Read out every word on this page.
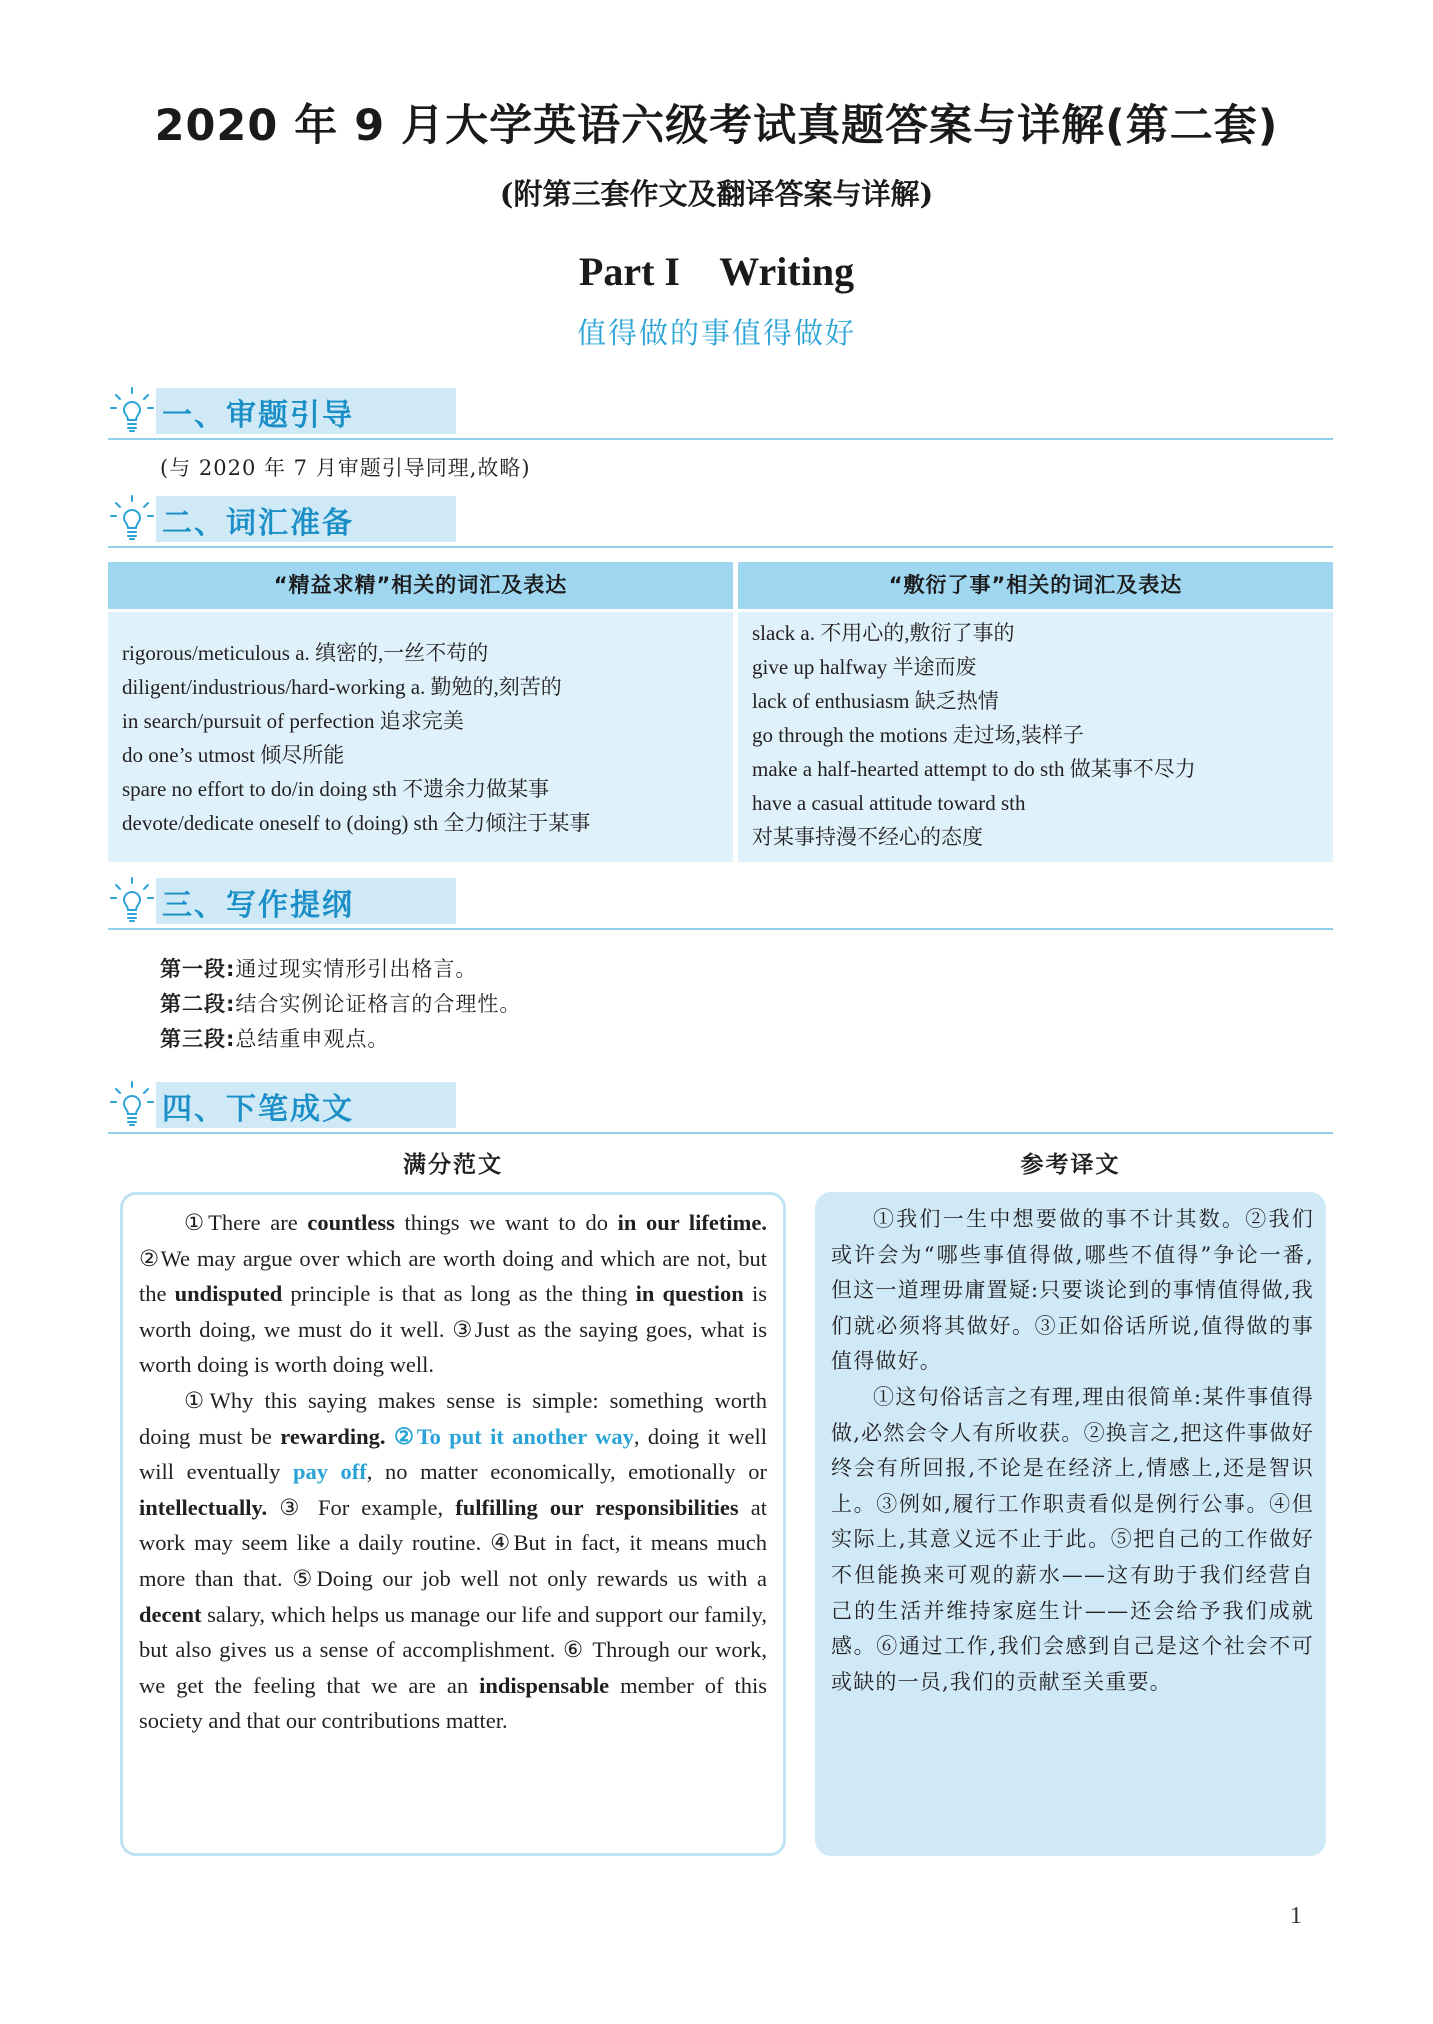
2020 年 9 月大学英语六级考试真题答案与详解(第二套)
(附第三套作文及翻译答案与详解)
Part I    Writing
值得做的事值得做好
一、审题引导
(与 2020 年 7 月审题引导同理,故略)
二、词汇准备
“精益求精”相关的词汇及表达	“敷衍了事”相关的词汇及表达
rigorous/meticulous a. 缜密的,一丝不苟的
diligent/industrious/hard-working a. 勤勉的,刻苦的
in search/pursuit of perfection 追求完美
do one’s utmost 倾尽所能
spare no effort to do/in doing sth 不遗余力做某事
devote/dedicate oneself to (doing) sth 全力倾注于某事
slack a. 不用心的,敷衍了事的
give up halfway 半途而废
lack of enthusiasm 缺乏热情
go through the motions 走过场,装样子
make a half-hearted attempt to do sth 做某事不尽力
have a casual attitude toward sth
对某事持漫不经心的态度
三、写作提纲
第一段:通过现实情形引出格言。
第二段:结合实例论证格言的合理性。
第三段:总结重申观点。
四、下笔成文
满分范文	参考译文

①There are countless things we want to do in our lifetime. ②We may argue over which are worth doing and which are not, but the undisputed principle is that as long as the thing in question is worth doing, we must do it well. ③Just as the saying goes, what is worth doing is worth doing well.

①Why this saying makes sense is simple: something worth doing must be rewarding. ②To put it another way, doing it well will eventually pay off, no matter economically, emotionally or intellectually. ③ For example, fulfilling our responsibilities at work may seem like a daily routine. ④But in fact, it means much more than that. ⑤Doing our job well not only rewards us with a decent salary, which helps us manage our life and support our family, but also gives us a sense of accomplishment. ⑥ Through our work, we get the feeling that we are an indispensable member of this society and that our contributions matter.

①我们一生中想要做的事不计其数。②我们或许会为“哪些事值得做,哪些不值得”争论一番,但这一道理毋庸置疑:只要谈论到的事情值得做,我们就必须将其做好。③正如俗话所说,值得做的事值得做好。

①这句俗话言之有理,理由很简单:某件事值得做,必然会令人有所收获。②换言之,把这件事做好终会有所回报,不论是在经济上,情感上,还是智识上。③例如,履行工作职责看似是例行公事。④但实际上,其意义远不止于此。⑤把自己的工作做好不但能换来可观的薪水——这有助于我们经营自己的生活并维持家庭生计——还会给予我们成就感。⑥通过工作,我们会感到自己是这个社会不可或缺的一员,我们的贡献至关重要。

1
